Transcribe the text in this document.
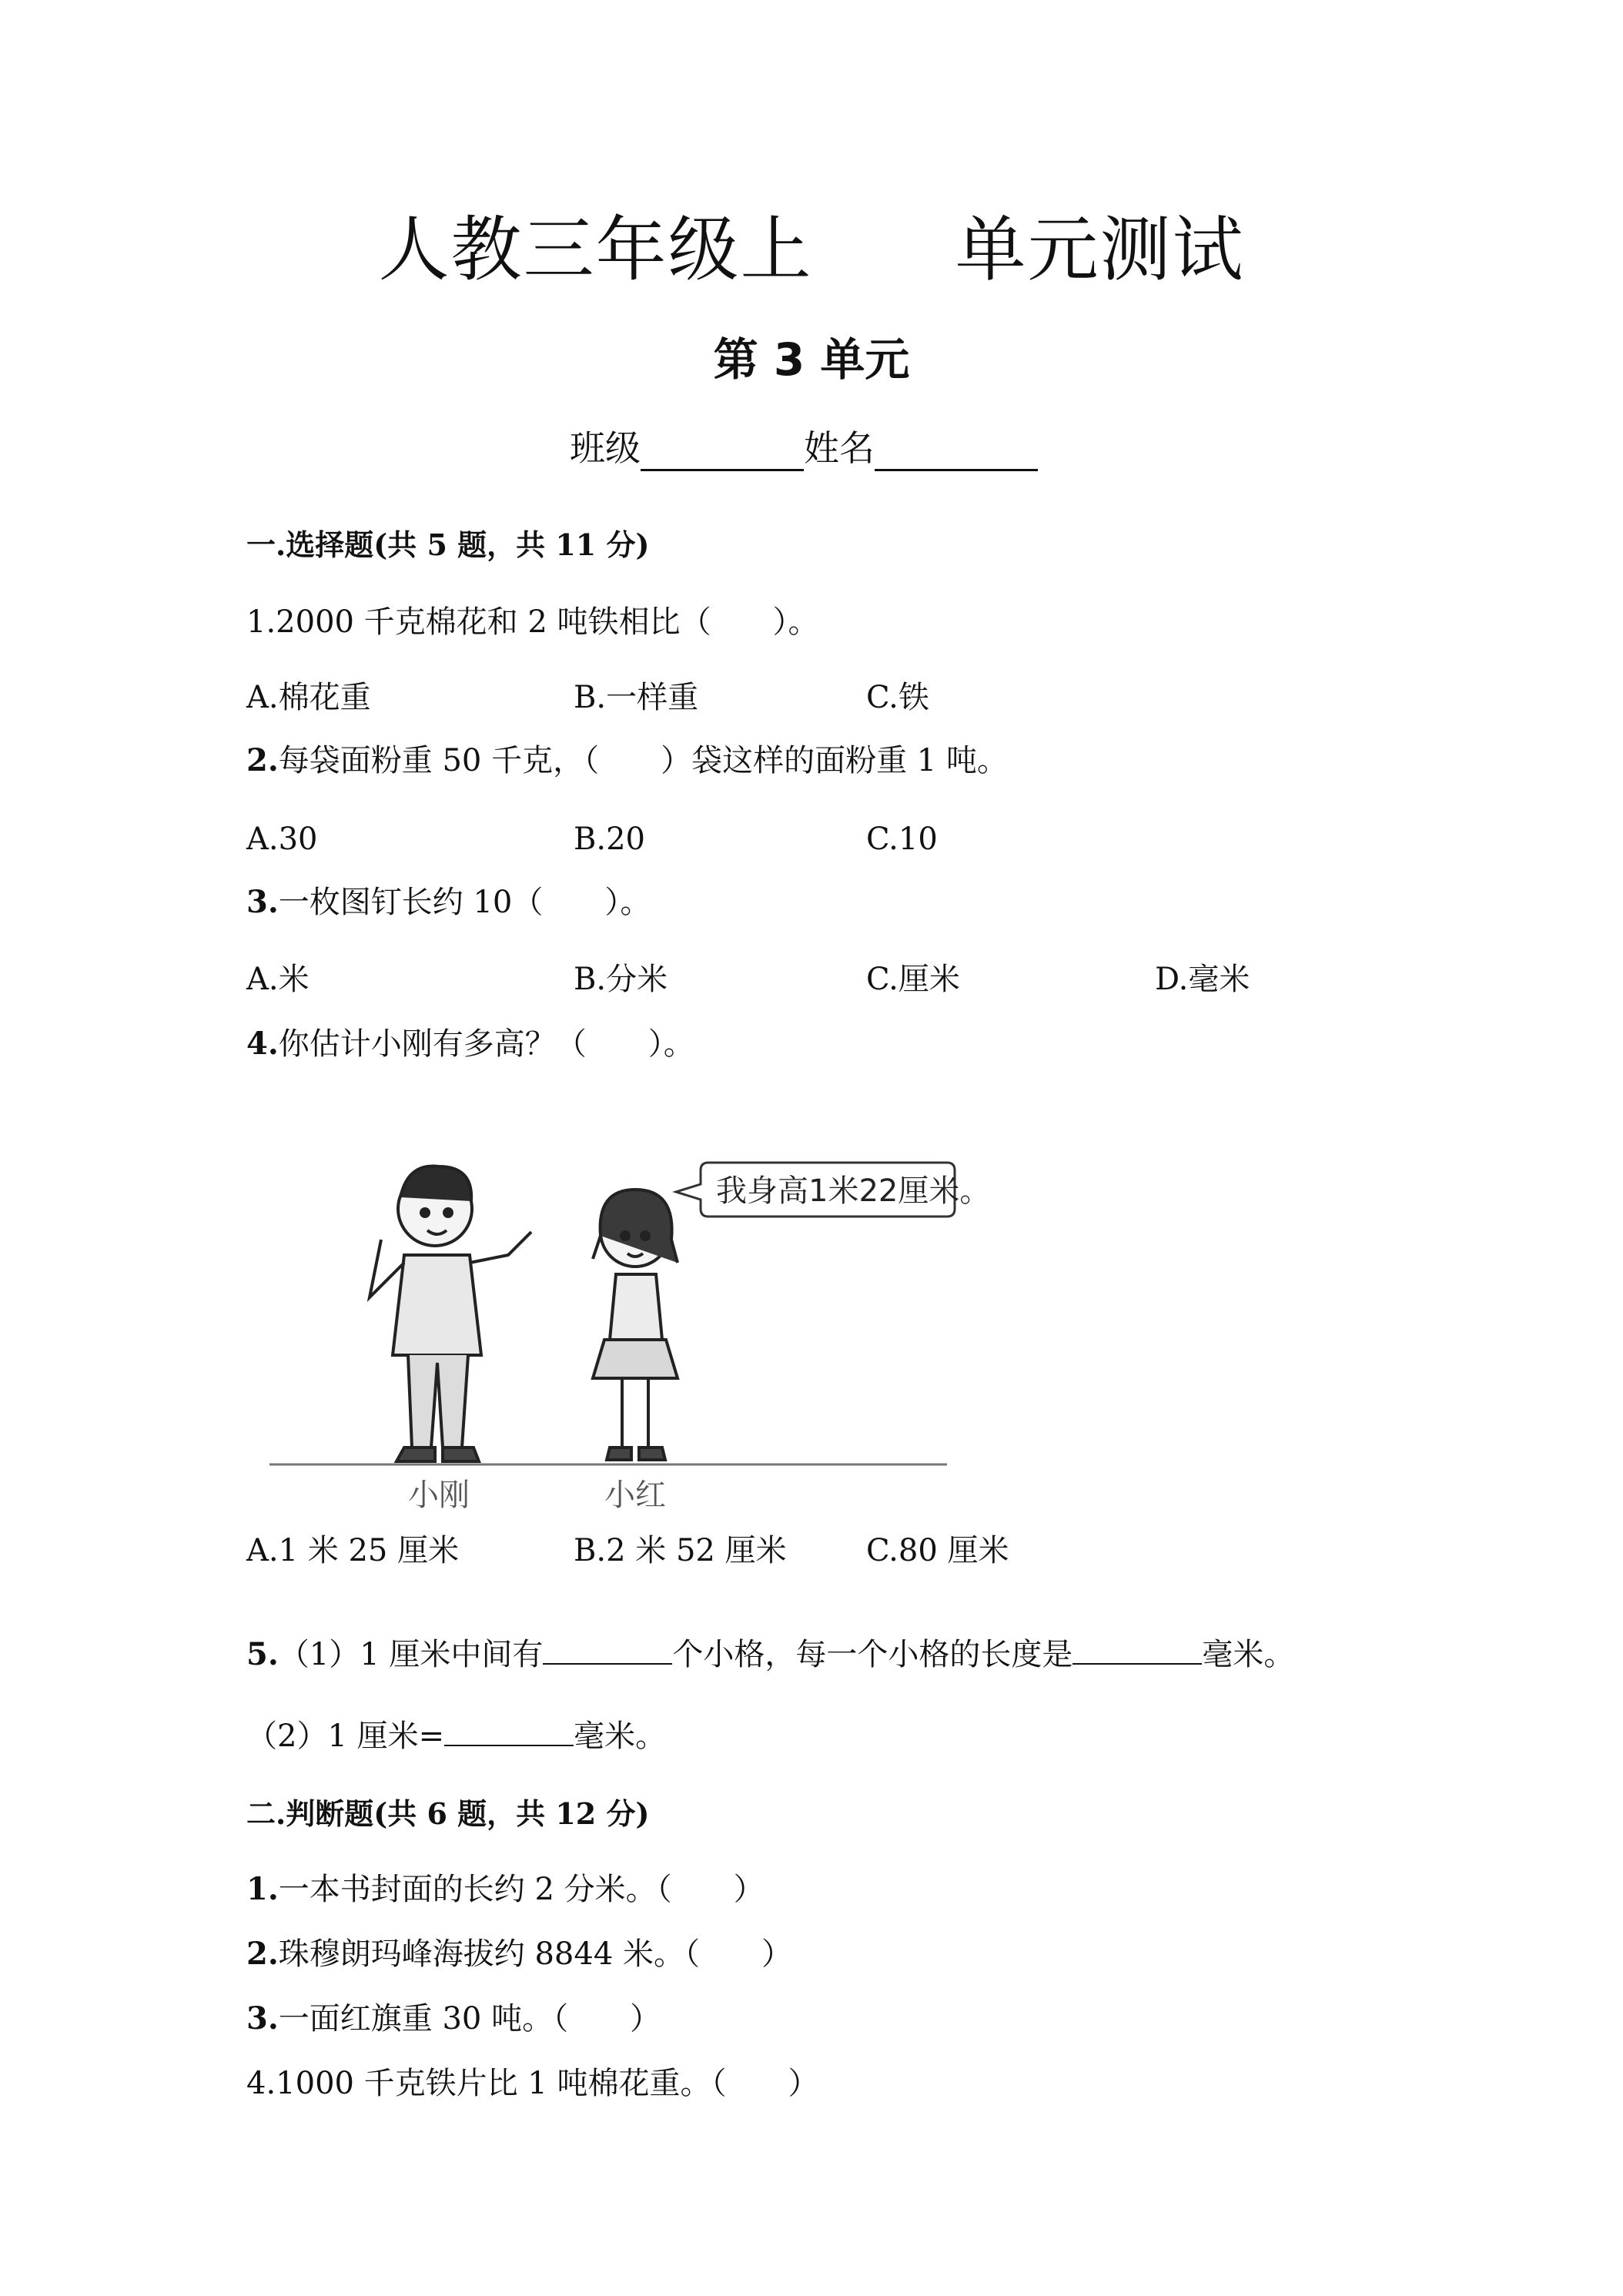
人教三年级上 单元测试
第 3 单元
班级	姓名
一.选择题(共 5 题，共 11 分)
1.2000 千克棉花和 2 吨铁相比（　　）。
A.棉花重	B.一样重	C.铁
2.每袋面粉重 50 千克，（　　）袋这样的面粉重 1 吨。
A.30	B.20	C.10
3.一枚图钉长约 10（　　）。
A.米	B.分米	C.厘米	D.毫米
4.你估计小刚有多高？（　　）。
我身高1米22厘米。
小刚	小红
A.1 米 25 厘米	B.2 米 52 厘米	C.80 厘米
5.（1）1 厘米中间有	个小格，每一个小格的长度是	毫米。
（2）1 厘米=	毫米。
二.判断题(共 6 题，共 12 分)
1.一本书封面的长约 2 分米。（　　）
2.珠穆朗玛峰海拔约 8844 米。（　　）
3.一面红旗重 30 吨。（　　）
4.1000 千克铁片比 1 吨棉花重。（　　）
